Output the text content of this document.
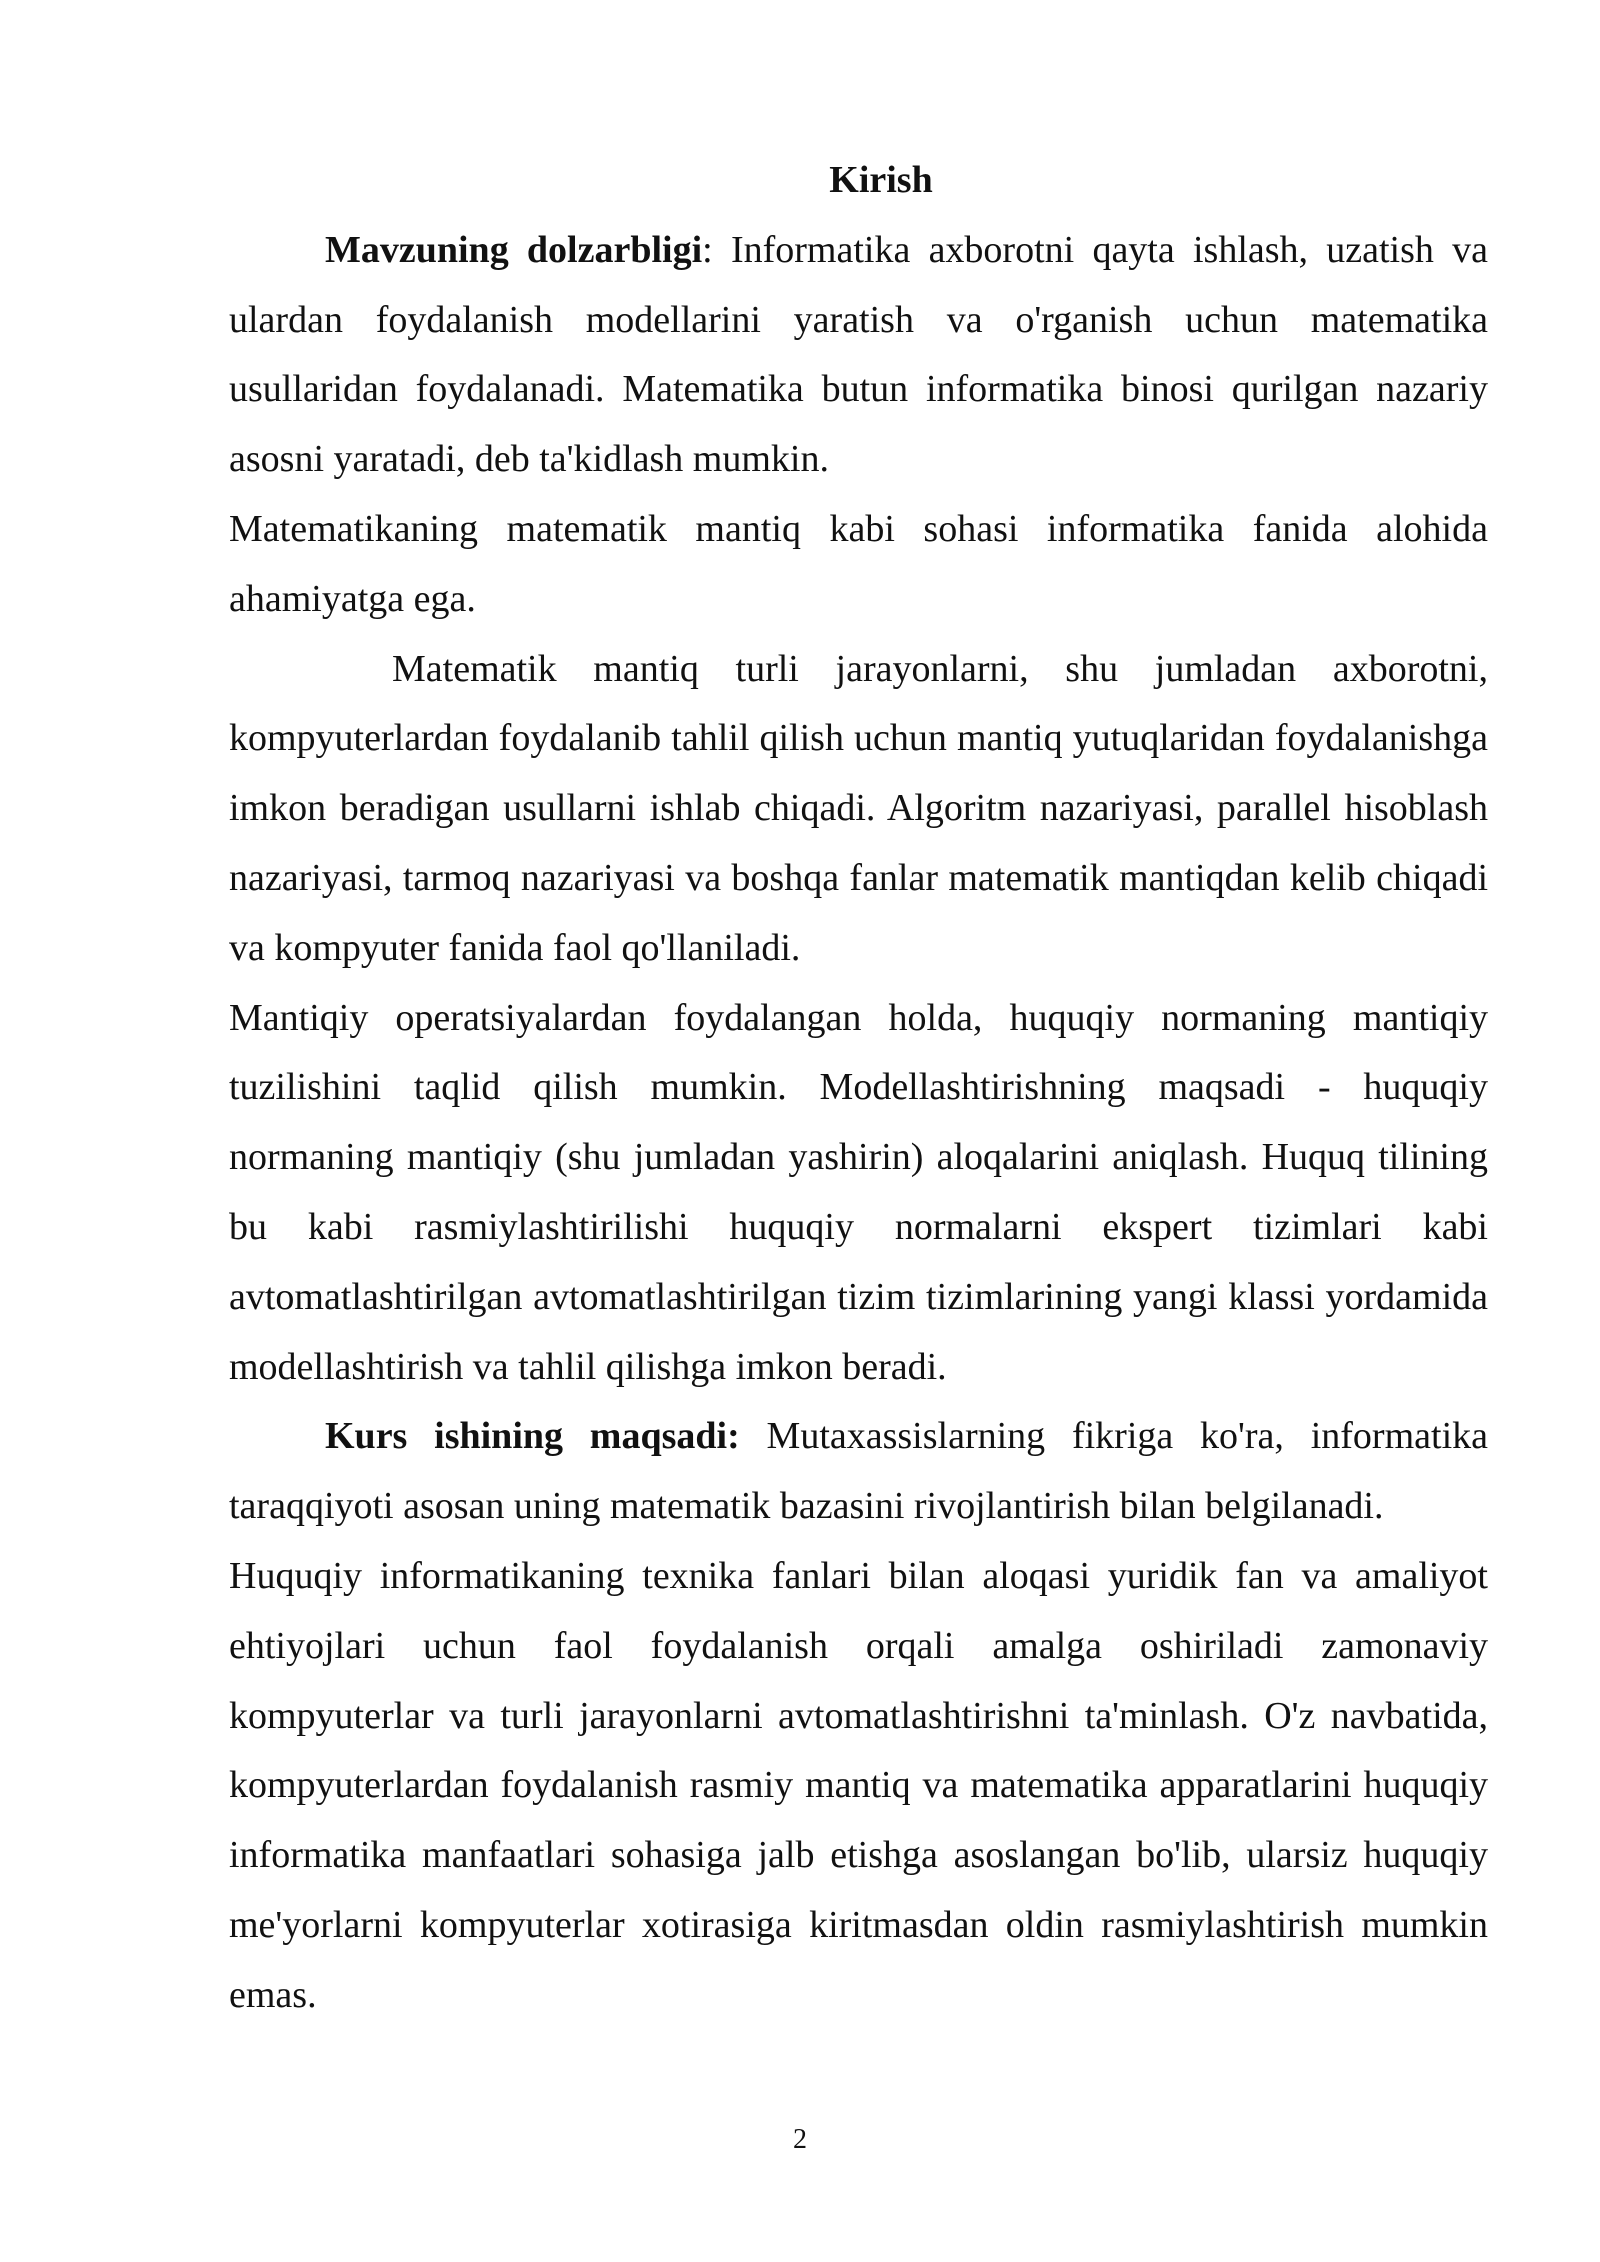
Kirish

Mavzuning dolzarbligi: Informatika axborotni qayta ishlash, uzatish va ulardan foydalanish modellarini yaratish va o'rganish uchun matematika usullaridan foydalanadi. Matematika butun informatika binosi qurilgan nazariy asosni yaratadi, deb ta'kidlash mumkin.

Matematikaning matematik mantiq kabi sohasi informatika fanida alohida ahamiyatga ega.

Matematik mantiq turli jarayonlarni, shu jumladan axborotni, kompyuterlardan foydalanib tahlil qilish uchun mantiq yutuqlaridan foydalanishga imkon beradigan usullarni ishlab chiqadi. Algoritm nazariyasi, parallel hisoblash nazariyasi, tarmoq nazariyasi va boshqa fanlar matematik mantiqdan kelib chiqadi va kompyuter fanida faol qo'llaniladi.

Mantiqiy operatsiyalardan foydalangan holda, huquqiy normaning mantiqiy tuzilishini taqlid qilish mumkin. Modellashtirishning maqsadi - huquqiy normaning mantiqiy (shu jumladan yashirin) aloqalarini aniqlash. Huquq tilining bu kabi rasmiylashtirilishi huquqiy normalarni ekspert tizimlari kabi avtomatlashtirilgan avtomatlashtirilgan tizim tizimlarining yangi klassi yordamida modellashtirish va tahlil qilishga imkon beradi.

Kurs ishining maqsadi: Mutaxassislarning fikriga ko'ra, informatika taraqqiyoti asosan uning matematik bazasini rivojlantirish bilan belgilanadi.

Huquqiy informatikaning texnika fanlari bilan aloqasi yuridik fan va amaliyot ehtiyojlari uchun faol foydalanish orqali amalga oshiriladi zamonaviy kompyuterlar va turli jarayonlarni avtomatlashtirishni ta'minlash. O'z navbatida, kompyuterlardan foydalanish rasmiy mantiq va matematika apparatlarini huquqiy informatika manfaatlari sohasiga jalb etishga asoslangan bo'lib, ularsiz huquqiy me'yorlarni kompyuterlar xotirasiga kiritmasdan oldin rasmiylashtirish mumkin emas.

2
